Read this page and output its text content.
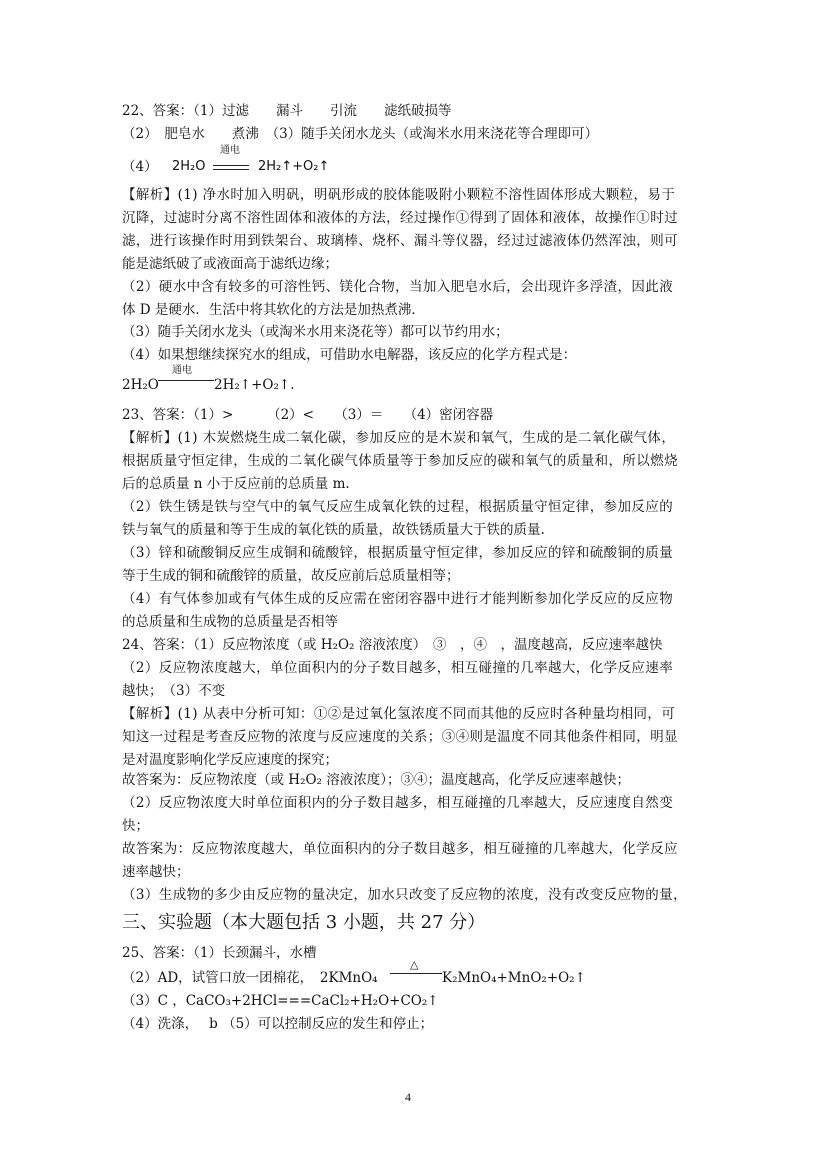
22、答案：（1）过滤　　漏斗　　引流　　滤纸破损等
（2）　肥皂水　　煮沸　（3）随手关闭水龙头（或淘米水用来浇花等合理即可）
（4） 2H₂O
通电
2H₂↑+O₂↑
【解析】(1) 净水时加入明矾，明矾形成的胶体能吸附小颗粒不溶性固体形成大颗粒，易于
沉降，过滤时分离不溶性固体和液体的方法，经过操作①得到了固体和液体，故操作①时过
滤，进行该操作时用到铁架台、玻璃棒、烧杯、漏斗等仪器，经过过滤液体仍然浑浊，则可
能是滤纸破了或液面高于滤纸边缘；
（2）硬水中含有较多的可溶性钙、镁化合物，当加入肥皂水后，会出现许多浮渣，因此液
体 D 是硬水．生活中将其软化的方法是加热煮沸．
（3）随手关闭水龙头（或淘米水用来浇花等）都可以节约用水；
（4）如果想继续探究水的组成，可借助水电解器，该反应的化学方程式是：
2H₂O
通电
2H₂↑+O₂↑.
23、答案：（1）>　　　（2）<　　（3）＝　　（4）密闭容器
【解析】(1) 木炭燃烧生成二氧化碳，参加反应的是木炭和氧气，生成的是二氧化碳气体，
根据质量守恒定律，生成的二氧化碳气体质量等于参加反应的碳和氧气的质量和，所以燃烧
后的总质量 n 小于反应前的总质量 m.
（2）铁生锈是铁与空气中的氧气反应生成氧化铁的过程，根据质量守恒定律，参加反应的
铁与氧气的质量和等于生成的氧化铁的质量，故铁锈质量大于铁的质量.
（3）锌和硫酸铜反应生成铜和硫酸锌，根据质量守恒定律，参加反应的锌和硫酸铜的质量
等于生成的铜和硫酸锌的质量，故反应前后总质量相等；
（4）有气体参加或有气体生成的反应需在密闭容器中进行才能判断参加化学反应的反应物
的总质量和生成物的总质量是否相等
24、答案：（1）反应物浓度（或 H₂O₂ 溶液浓度）　③　，④　，温度越高，反应速率越快
（2）反应物浓度越大，单位面积内的分子数目越多，相互碰撞的几率越大，化学反应速率
越快；　（3）不变
【解析】(1) 从表中分析可知：①②是过氧化氢浓度不同而其他的反应时各种量均相同，可
知这一过程是考查反应物的浓度与反应速度的关系；③④则是温度不同其他条件相同，明显
是对温度影响化学反应速度的探究；
故答案为：反应物浓度（或 H₂O₂ 溶液浓度）；③④；温度越高，化学反应速率越快；
（2）反应物浓度大时单位面积内的分子数目越多，相互碰撞的几率越大，反应速度自然变
快；
故答案为：反应物浓度越大，单位面积内的分子数目越多，相互碰撞的几率越大，化学反应
速率越快；
（3）生成物的多少由反应物的量决定，加水只改变了反应物的浓度，没有改变反应物的量，
三、实验题（本大题包括 3 小题，共 27 分）
25、答案：（1）长颈漏斗，水槽
（2）AD，试管口放一团棉花，　2KMnO₄
△
K₂MnO₄+MnO₂+O₂↑
（3）C ，CaCO₃+2HCl===CaCl₂+H₂O+CO₂↑
（4）洗涤，　 b （5）可以控制反应的发生和停止；
4
